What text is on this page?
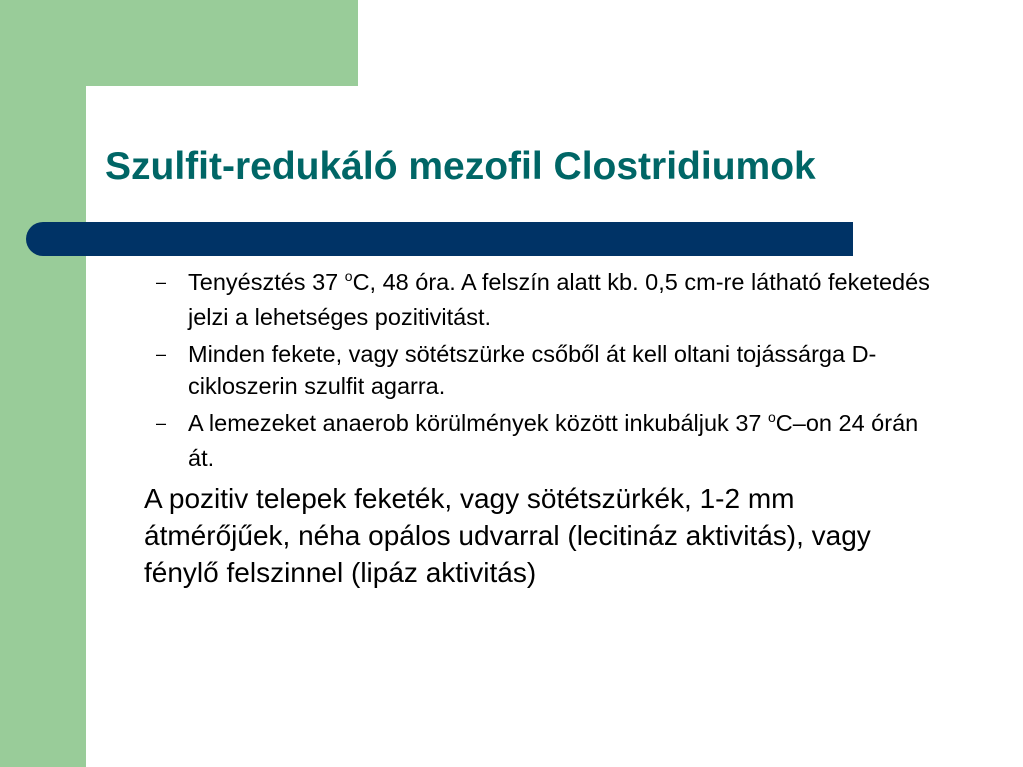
Szulfit-redukáló mezofil Clostridiumok
– Tenyésztés 37 $^o$C, 48 óra. A felszín alatt kb. 0,5 cm-re látható feketedés jelzi a lehetséges pozitivitást.
– Minden fekete, vagy sötétszürke csőből át kell oltani tojássárga D-cikloszerin szulfit agarra.
– A lemezeket anaerob körülmények között inkubáljuk 37 $^o$C–on 24 órán át.

A pozitiv telepek feketék, vagy sötétszürkék, 1-2 mm átmérőjűek, néha opálos udvarral (lecitináz aktivitás), vagy fénylő felszinnel (lipáz aktivitás)
